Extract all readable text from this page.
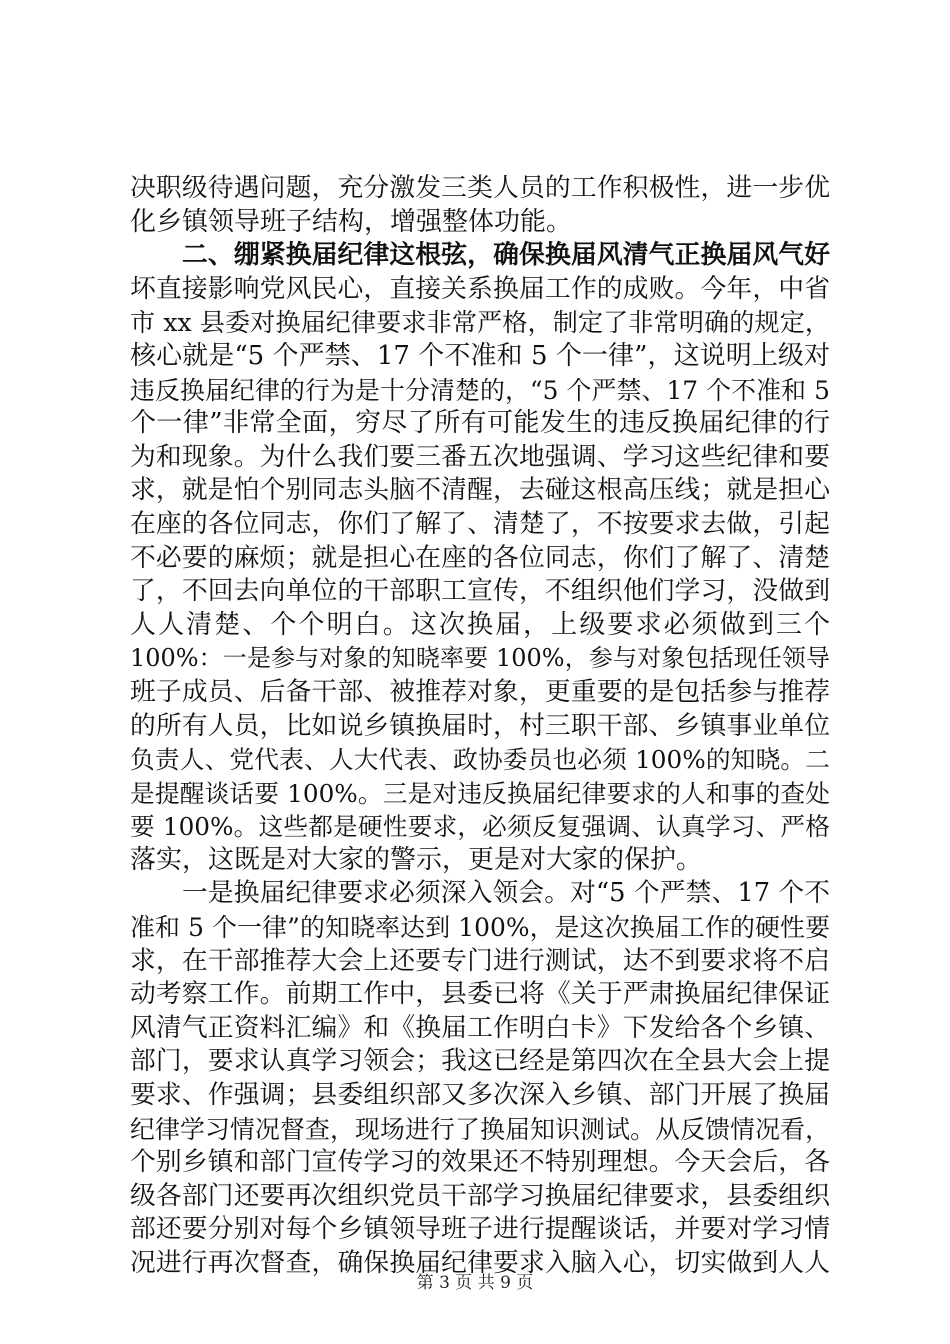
决职级待遇问题，充分激发三类人员的工作积极性，进一步优
化乡镇领导班子结构，增强整体功能。
二、绷紧换届纪律这根弦，确保换届风清气正换届风气好
坏直接影响党风民心，直接关系换届工作的成败。今年，中省
市 xx 县委对换届纪律要求非常严格，制定了非常明确的规定，
核心就是“5 个严禁、17 个不准和 5 个一律”，这说明上级对
违反换届纪律的行为是十分清楚的，“5 个严禁、17 个不准和 5
个一律”非常全面，穷尽了所有可能发生的违反换届纪律的行
为和现象。为什么我们要三番五次地强调、学习这些纪律和要
求，就是怕个别同志头脑不清醒，去碰这根高压线；就是担心
在座的各位同志，你们了解了、清楚了，不按要求去做，引起
不必要的麻烦；就是担心在座的各位同志，你们了解了、清楚
了，不回去向单位的干部职工宣传，不组织他们学习，没做到
人人清楚、个个明白。这次换届，上级要求必须做到三个
100%：一是参与对象的知晓率要 100%，参与对象包括现任领导
班子成员、后备干部、被推荐对象，更重要的是包括参与推荐
的所有人员，比如说乡镇换届时，村三职干部、乡镇事业单位
负责人、党代表、人大代表、政协委员也必须 100%的知晓。二
是提醒谈话要 100%。三是对违反换届纪律要求的人和事的查处
要 100%。这些都是硬性要求，必须反复强调、认真学习、严格
落实，这既是对大家的警示，更是对大家的保护。
一是换届纪律要求必须深入领会。对“5 个严禁、17 个不
准和 5 个一律”的知晓率达到 100%，是这次换届工作的硬性要
求，在干部推荐大会上还要专门进行测试，达不到要求将不启
动考察工作。前期工作中，县委已将《关于严肃换届纪律保证
风清气正资料汇编》和《换届工作明白卡》下发给各个乡镇、
部门，要求认真学习领会；我这已经是第四次在全县大会上提
要求、作强调；县委组织部又多次深入乡镇、部门开展了换届
纪律学习情况督查，现场进行了换届知识测试。从反馈情况看，
个别乡镇和部门宣传学习的效果还不特别理想。今天会后，各
级各部门还要再次组织党员干部学习换届纪律要求，县委组织
部还要分别对每个乡镇领导班子进行提醒谈话，并要对学习情
况进行再次督查，确保换届纪律要求入脑入心，切实做到人人
第 3 页 共 9 页
